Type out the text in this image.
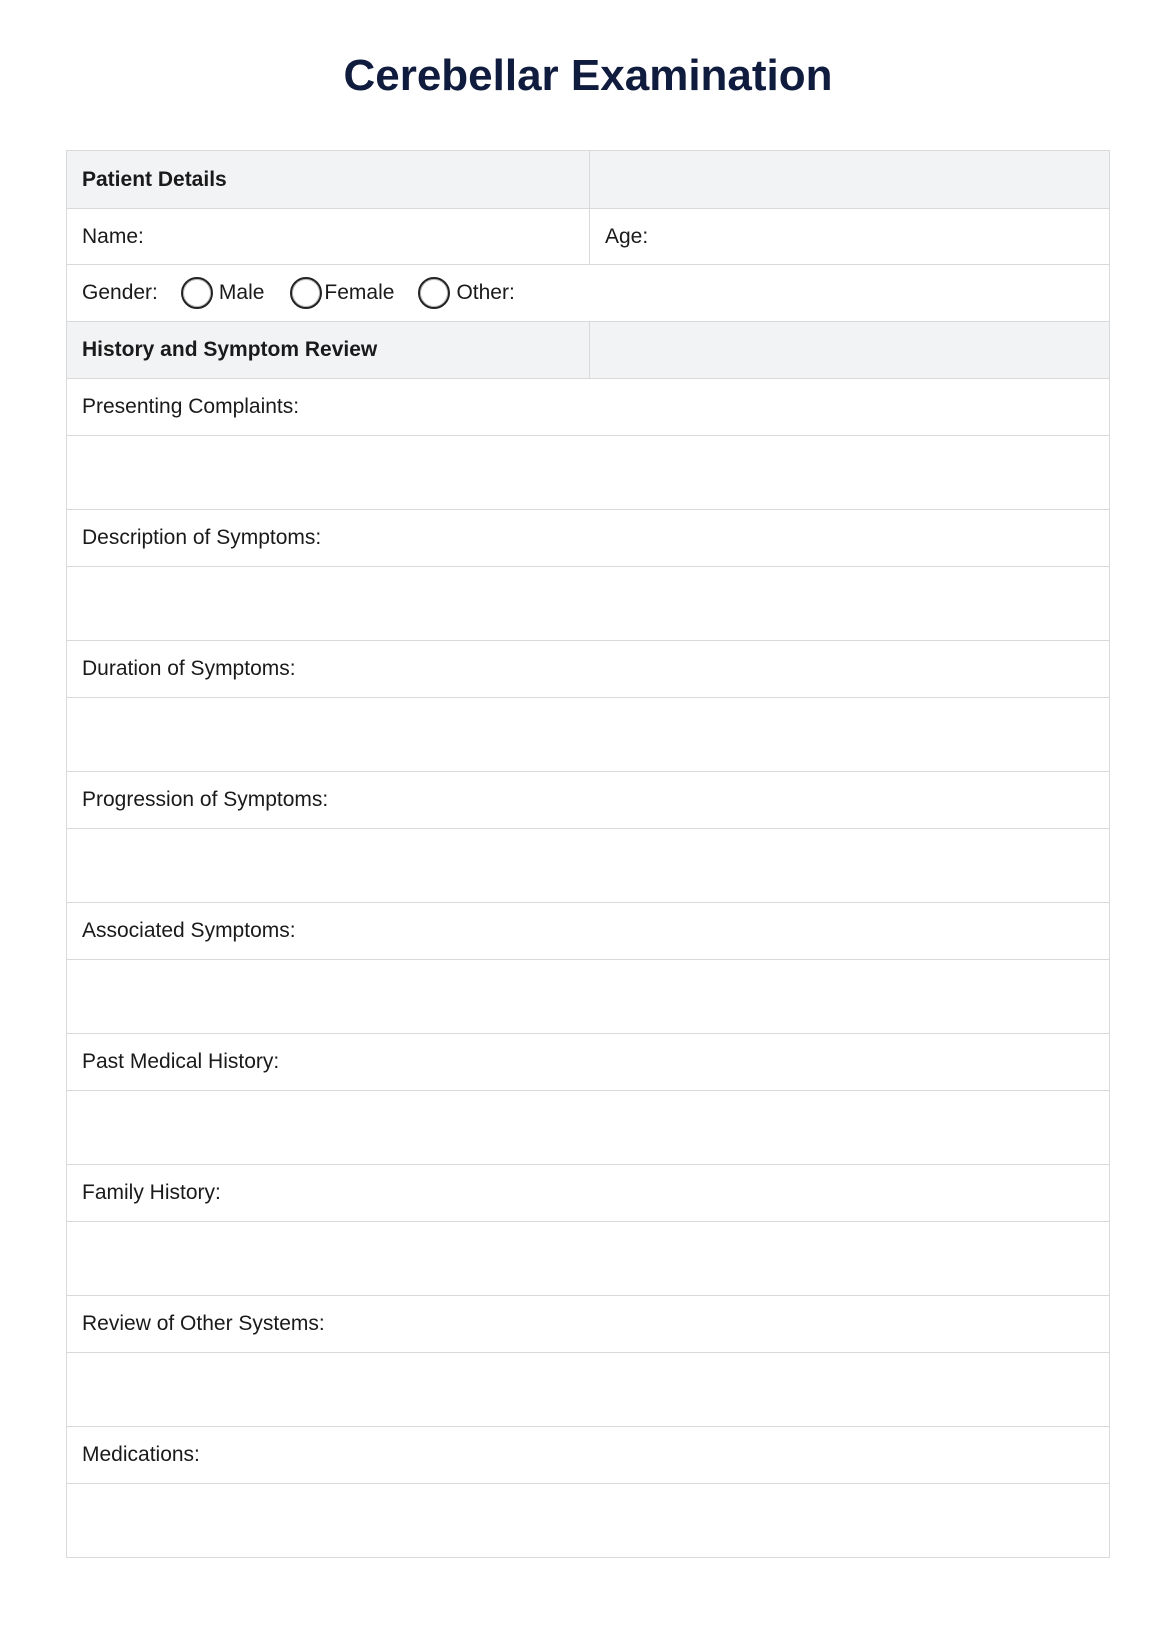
Cerebellar Examination
Patient Details
Name:	Age:
Gender:	Male	Female	Other:
History and Symptom Review
Presenting Complaints:
Description of Symptoms:
Duration of Symptoms:
Progression of Symptoms:
Associated Symptoms:
Past Medical History:
Family History:
Review of Other Systems:
Medications:
